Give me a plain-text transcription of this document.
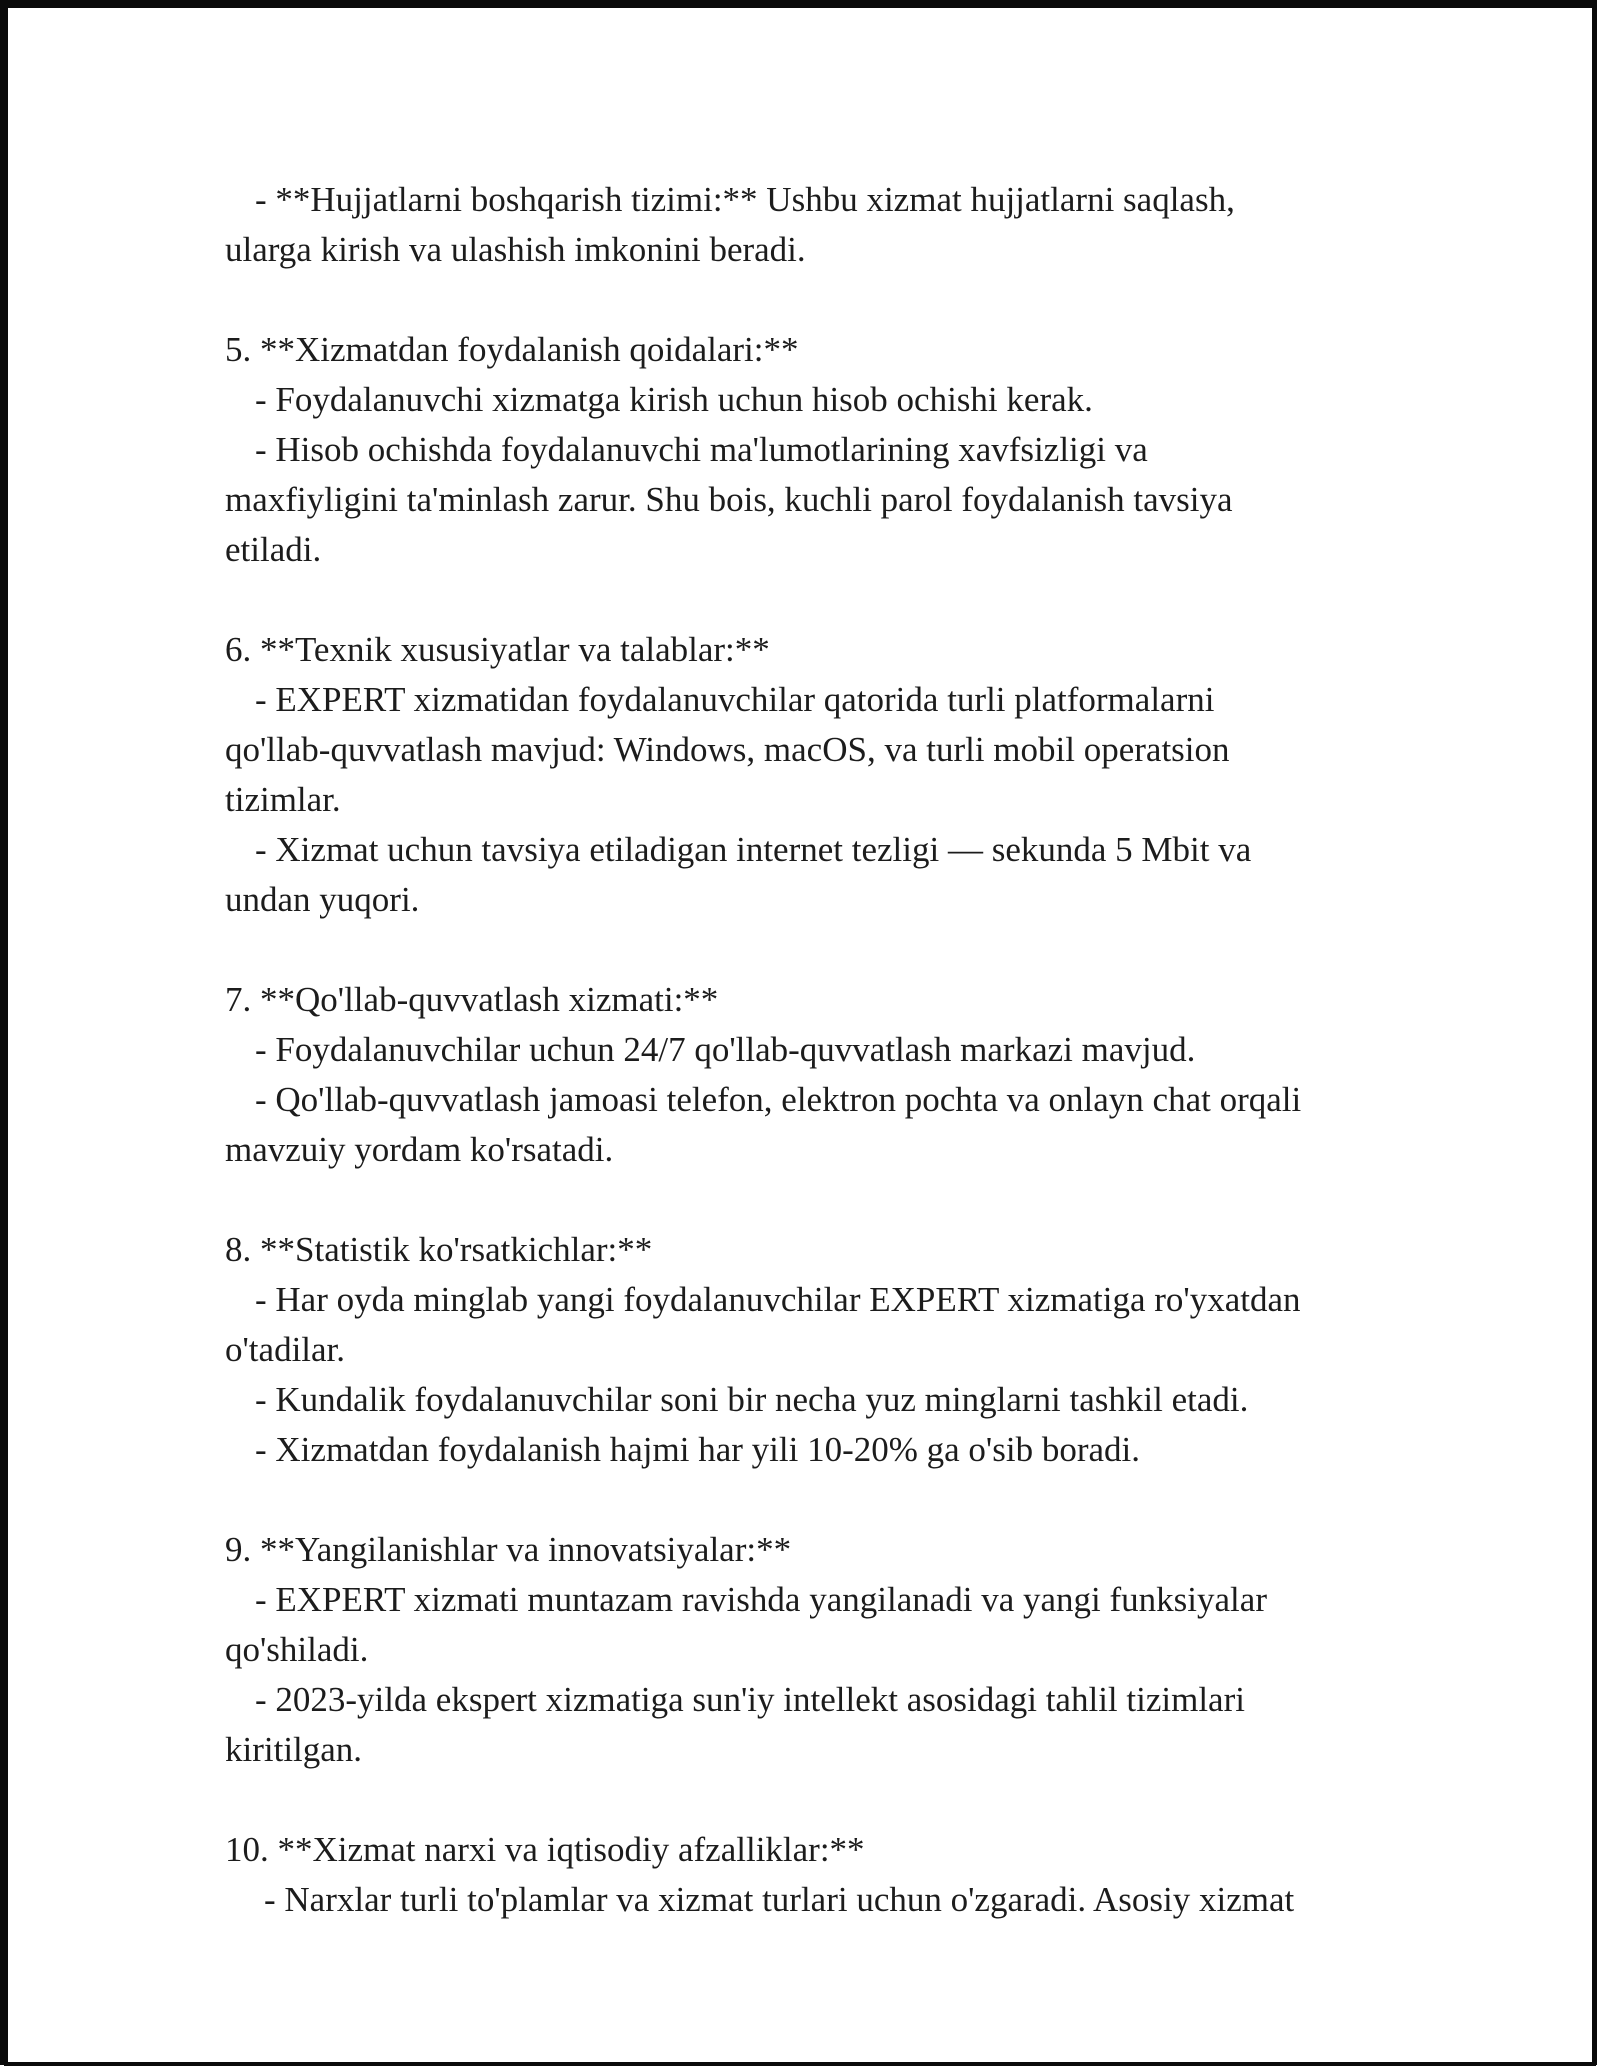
- **Hujjatlarni boshqarish tizimi:** Ushbu xizmat hujjatlarni saqlash,
ularga kirish va ulashish imkonini beradi.
5. **Xizmatdan foydalanish qoidalari:**
- Foydalanuvchi xizmatga kirish uchun hisob ochishi kerak.
- Hisob ochishda foydalanuvchi ma'lumotlarining xavfsizligi va
maxfiyligini ta'minlash zarur. Shu bois, kuchli parol foydalanish tavsiya
etiladi.
6. **Texnik xususiyatlar va talablar:**
- EXPERT xizmatidan foydalanuvchilar qatorida turli platformalarni
qo'llab-quvvatlash mavjud: Windows, macOS, va turli mobil operatsion
tizimlar.
- Xizmat uchun tavsiya etiladigan internet tezligi — sekunda 5 Mbit va
undan yuqori.
7. **Qo'llab-quvvatlash xizmati:**
- Foydalanuvchilar uchun 24/7 qo'llab-quvvatlash markazi mavjud.
- Qo'llab-quvvatlash jamoasi telefon, elektron pochta va onlayn chat orqali
mavzuiy yordam ko'rsatadi.
8. **Statistik ko'rsatkichlar:**
- Har oyda minglab yangi foydalanuvchilar EXPERT xizmatiga ro'yxatdan
o'tadilar.
- Kundalik foydalanuvchilar soni bir necha yuz minglarni tashkil etadi.
- Xizmatdan foydalanish hajmi har yili 10-20% ga o'sib boradi.
9. **Yangilanishlar va innovatsiyalar:**
- EXPERT xizmati muntazam ravishda yangilanadi va yangi funksiyalar
qo'shiladi.
- 2023-yilda ekspert xizmatiga sun'iy intellekt asosidagi tahlil tizimlari
kiritilgan.
10. **Xizmat narxi va iqtisodiy afzalliklar:**
- Narxlar turli to'plamlar va xizmat turlari uchun o'zgaradi. Asosiy xizmat
